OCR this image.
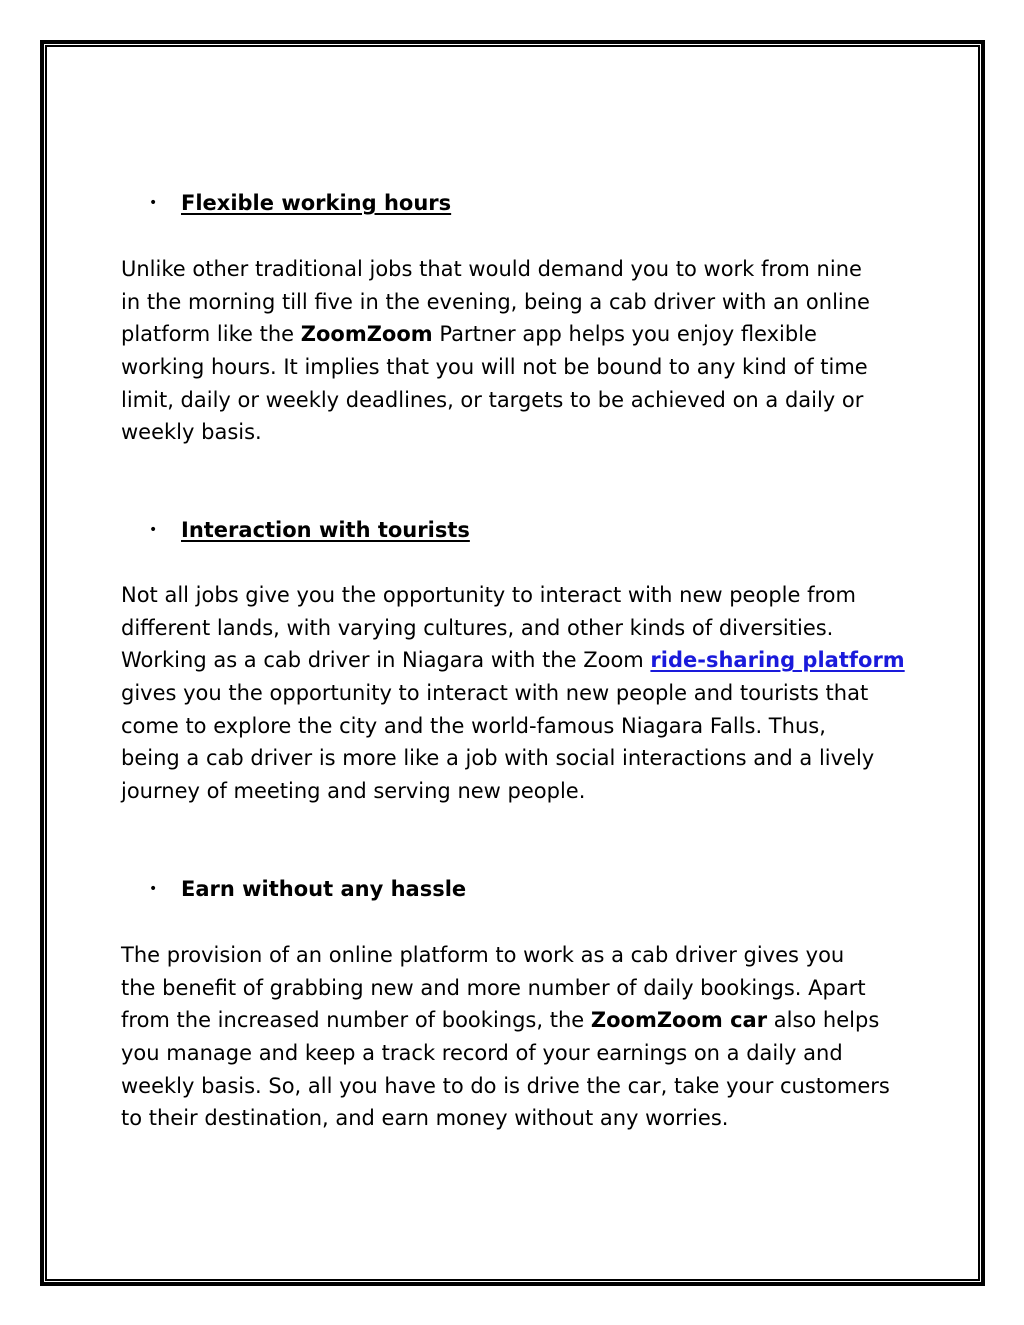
• Flexible working hours
Unlike other traditional jobs that would demand you to work from nine
in the morning till five in the evening, being a cab driver with an online
platform like the ZoomZoom Partner app helps you enjoy flexible
working hours. It implies that you will not be bound to any kind of time
limit, daily or weekly deadlines, or targets to be achieved on a daily or
weekly basis.
• Interaction with tourists
Not all jobs give you the opportunity to interact with new people from
different lands, with varying cultures, and other kinds of diversities.
Working as a cab driver in Niagara with the Zoom ride-sharing platform
gives you the opportunity to interact with new people and tourists that
come to explore the city and the world-famous Niagara Falls. Thus,
being a cab driver is more like a job with social interactions and a lively
journey of meeting and serving new people.
• Earn without any hassle
The provision of an online platform to work as a cab driver gives you
the benefit of grabbing new and more number of daily bookings. Apart
from the increased number of bookings, the ZoomZoom car also helps
you manage and keep a track record of your earnings on a daily and
weekly basis. So, all you have to do is drive the car, take your customers
to their destination, and earn money without any worries.
